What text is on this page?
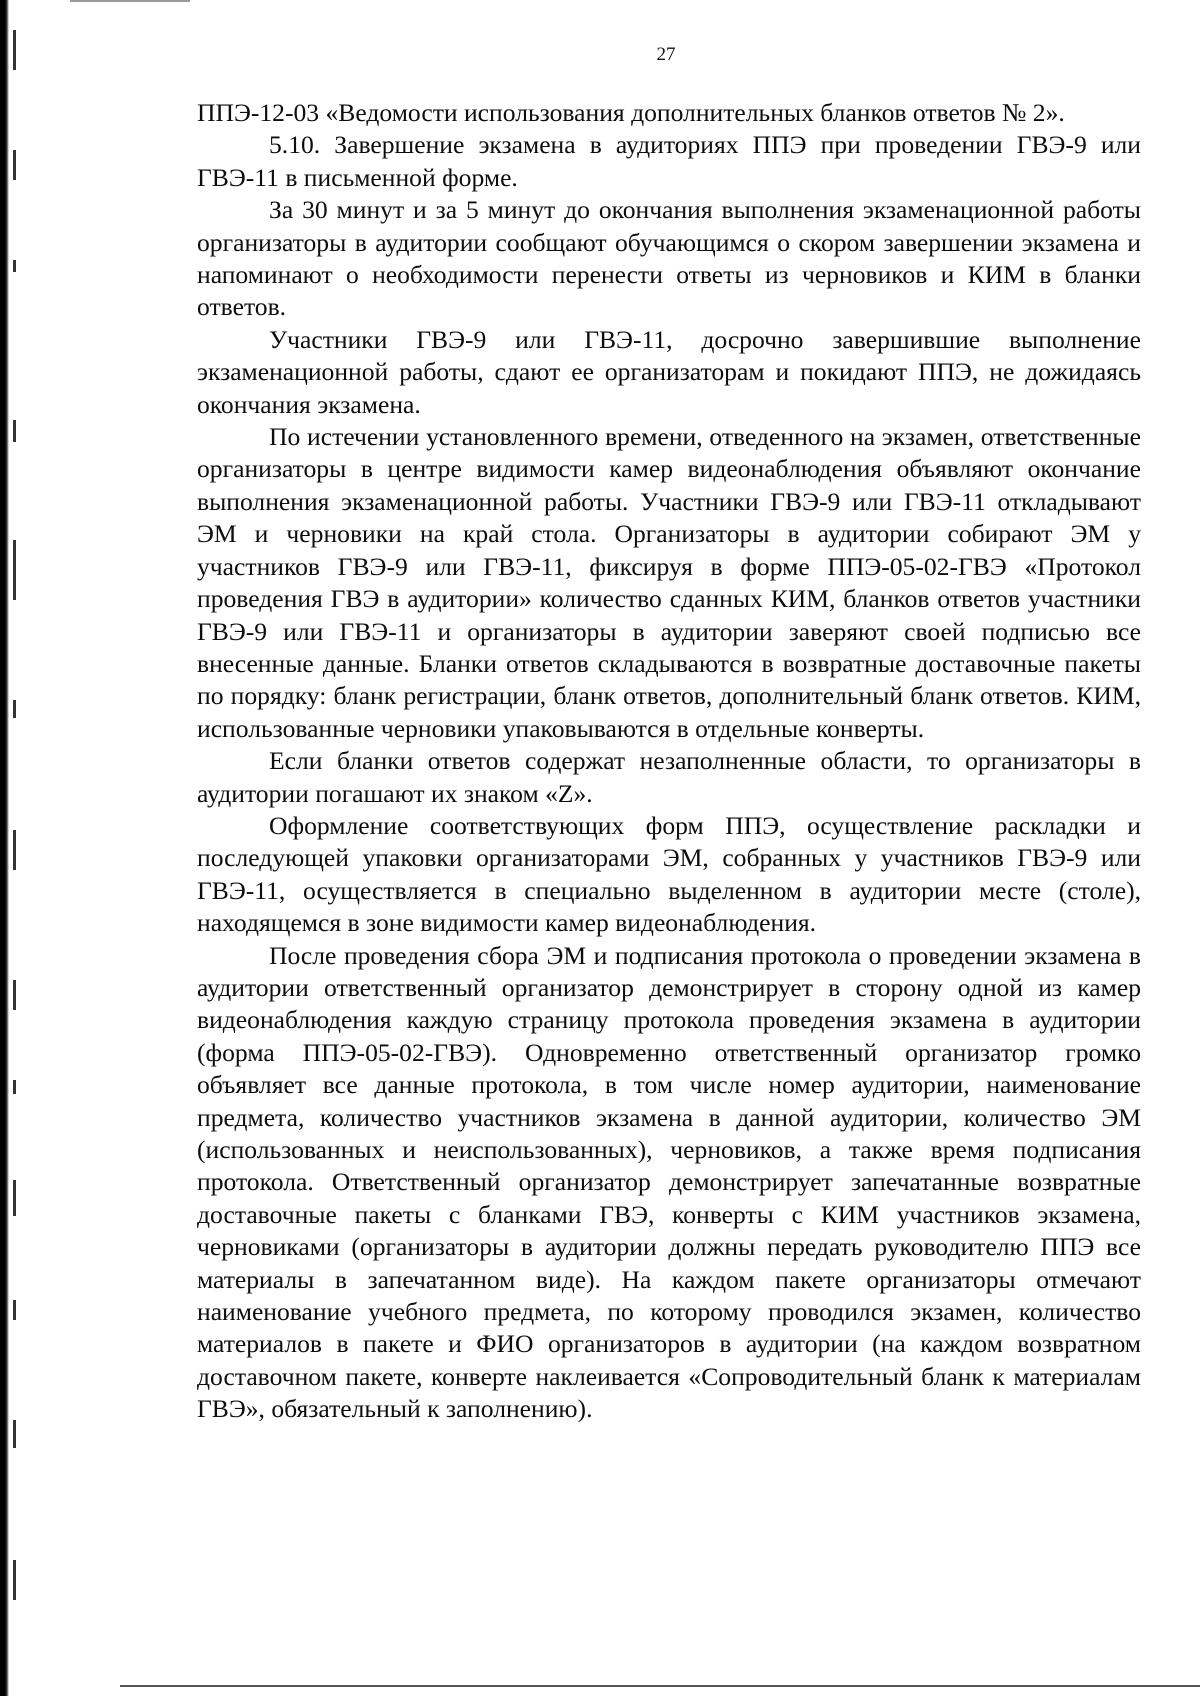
27

ППЭ-12-03 «Ведомости использования дополнительных бланков ответов № 2».

5.10. Завершение экзамена в аудиториях ППЭ при проведении ГВЭ-9 или ГВЭ-11 в письменной форме.

За 30 минут и за 5 минут до окончания выполнения экзаменационной работы организаторы в аудитории сообщают обучающимся о скором завершении экзамена и напоминают о необходимости перенести ответы из черновиков и КИМ в бланки ответов.

Участники ГВЭ-9 или ГВЭ-11, досрочно завершившие выполнение экзаменационной работы, сдают ее организаторам и покидают ППЭ, не дожидаясь окончания экзамена.

По истечении установленного времени, отведенного на экзамен, ответственные организаторы в центре видимости камер видеонаблюдения объявляют окончание выполнения экзаменационной работы. Участники ГВЭ-9 или ГВЭ-11 откладывают ЭМ и черновики на край стола. Организаторы в аудитории собирают ЭМ у участников ГВЭ-9 или ГВЭ-11, фиксируя в форме ППЭ-05-02-ГВЭ «Протокол проведения ГВЭ в аудитории» количество сданных КИМ, бланков ответов участники ГВЭ-9 или ГВЭ-11 и организаторы в аудитории заверяют своей подписью все внесенные данные. Бланки ответов складываются в возвратные доставочные пакеты по порядку: бланк регистрации, бланк ответов, дополнительный бланк ответов. КИМ, использованные черновики упаковываются в отдельные конверты.

Если бланки ответов содержат незаполненные области, то организаторы в аудитории погашают их знаком «Z».

Оформление соответствующих форм ППЭ, осуществление раскладки и последующей упаковки организаторами ЭМ, собранных у участников ГВЭ-9 или ГВЭ-11, осуществляется в специально выделенном в аудитории месте (столе), находящемся в зоне видимости камер видеонаблюдения.

После проведения сбора ЭМ и подписания протокола о проведении экзамена в аудитории ответственный организатор демонстрирует в сторону одной из камер видеонаблюдения каждую страницу протокола проведения экзамена в аудитории (форма ППЭ-05-02-ГВЭ). Одновременно ответственный организатор громко объявляет все данные протокола, в том числе номер аудитории, наименование предмета, количество участников экзамена в данной аудитории, количество ЭМ (использованных и неиспользованных), черновиков, а также время подписания протокола. Ответственный организатор демонстрирует запечатанные возвратные доставочные пакеты с бланками ГВЭ, конверты с КИМ участников экзамена, черновиками (организаторы в аудитории должны передать руководителю ППЭ все материалы в запечатанном виде). На каждом пакете организаторы отмечают наименование учебного предмета, по которому проводился экзамен, количество материалов в пакете и ФИО организаторов в аудитории (на каждом возвратном доставочном пакете, конверте наклеивается «Сопроводительный бланк к материалам ГВЭ», обязательный к заполнению).
